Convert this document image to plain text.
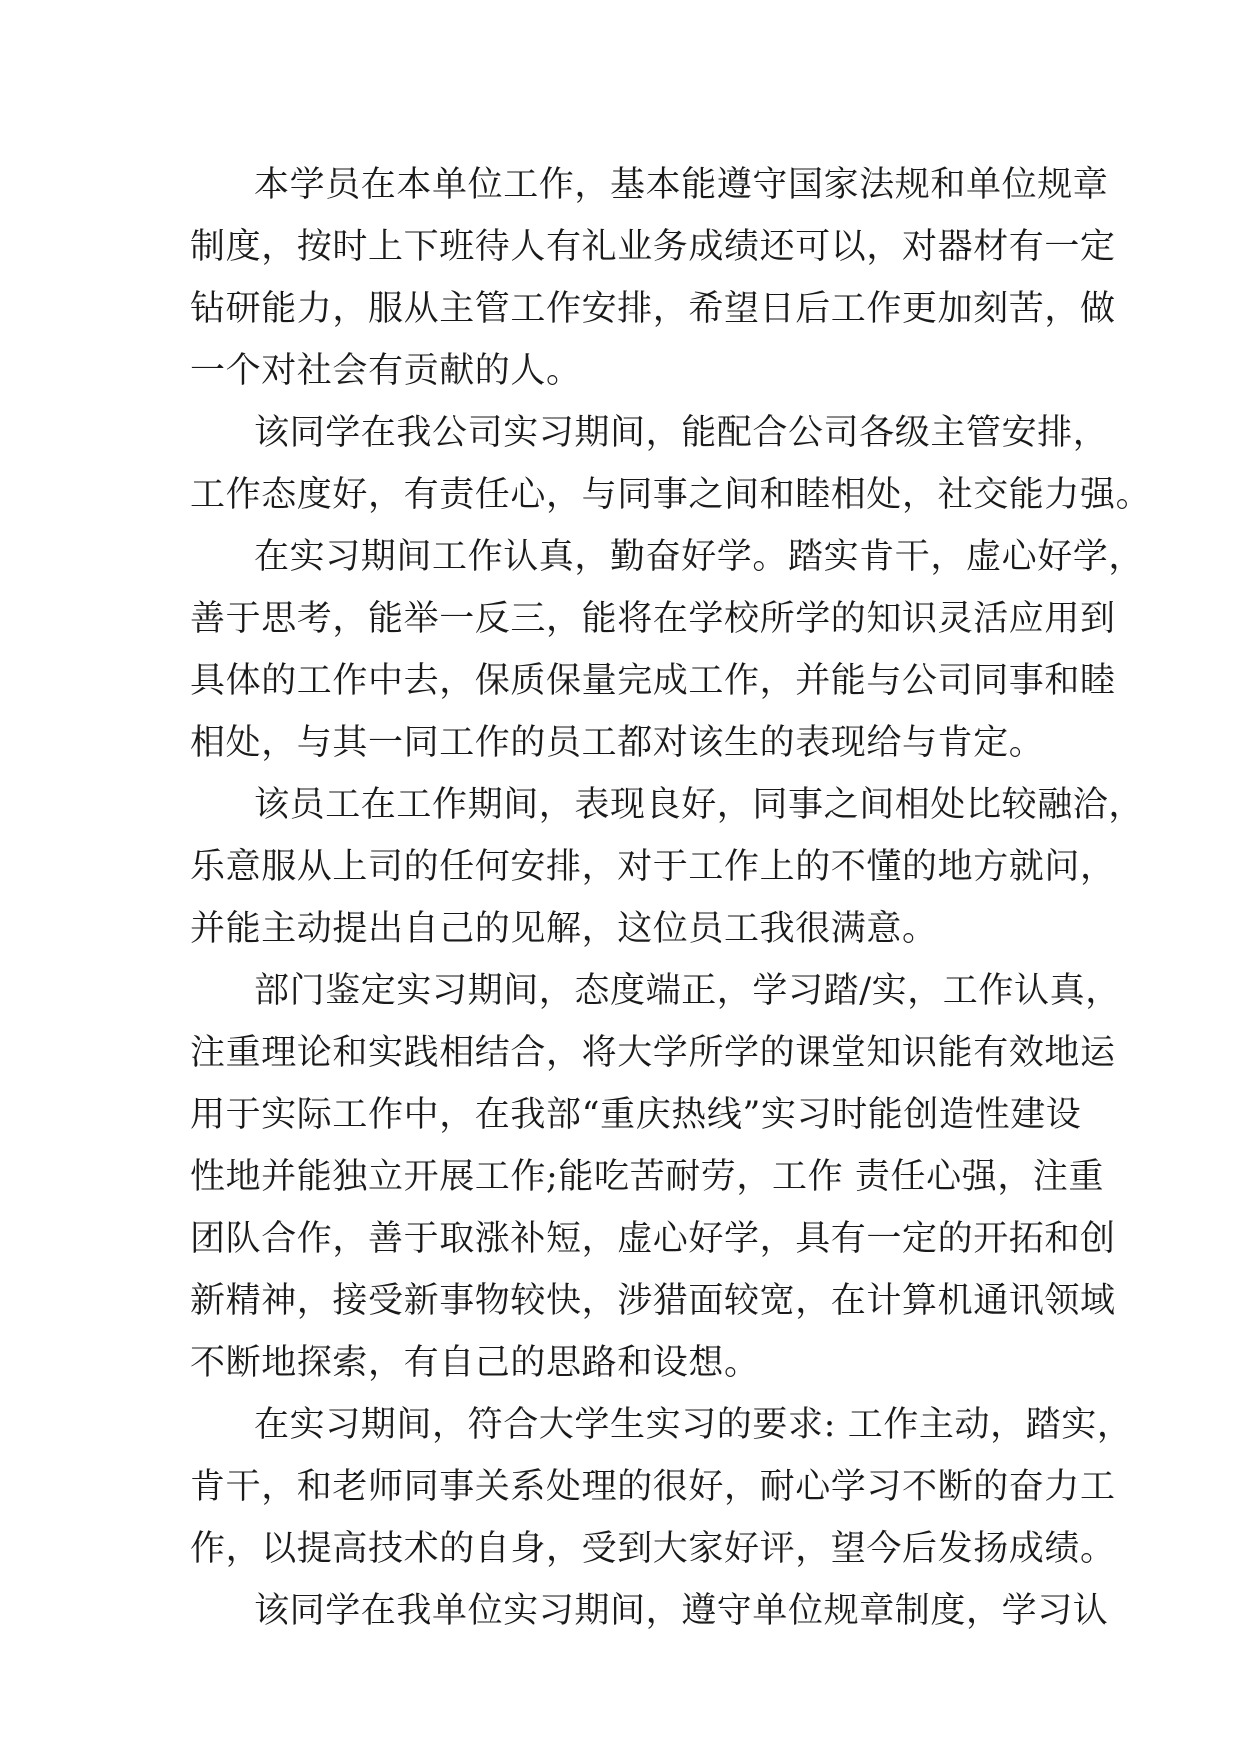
本学员在本单位工作，基本能遵守国家法规和单位规章
制度，按时上下班待人有礼业务成绩还可以，对器材有一定
钻研能力，服从主管工作安排，希望日后工作更加刻苦，做
一个对社会有贡献的人。
该同学在我公司实习期间，能配合公司各级主管安排，
工作态度好，有责任心，与同事之间和睦相处，社交能力强。
在实习期间工作认真，勤奋好学。踏实肯干，虚心好学，
善于思考，能举一反三，能将在学校所学的知识灵活应用到
具体的工作中去，保质保量完成工作，并能与公司同事和睦
相处，与其一同工作的员工都对该生的表现给与肯定。
该员工在工作期间，表现良好，同事之间相处比较融洽，
乐意服从上司的任何安排，对于工作上的不懂的地方就问，
并能主动提出自己的见解，这位员工我很满意。
部门鉴定实习期间，态度端正，学习踏/实，工作认真，
注重理论和实践相结合，将大学所学的课堂知识能有效地运
用于实际工作中，在我部“重庆热线”实习时能创造性建设
性地并能独立开展工作;能吃苦耐劳，工作 责任心强，注重
团队合作，善于取涨补短，虚心好学，具有一定的开拓和创
新精神，接受新事物较快，涉猎面较宽，在计算机通讯领域
不断地探索，有自己的思路和设想。
在实习期间，符合大学生实习的要求: 工作主动，踏实，
肯干，和老师同事关系处理的很好，耐心学习不断的奋力工
作，以提高技术的自身，受到大家好评，望今后发扬成绩。
该同学在我单位实习期间，遵守单位规章制度，学习认
